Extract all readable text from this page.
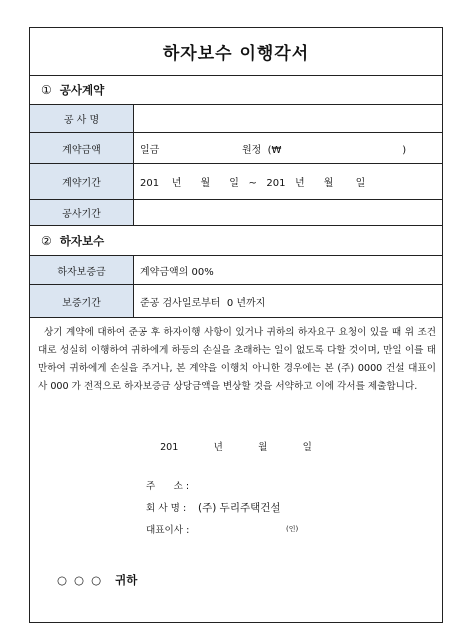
하자보수 이행각서
① 공사계약
공 사 명
계약금액	일금                          원정  (₩                                      )
계약기간	201    년      월      일   ~   201   년      월       일
공사기간
② 하자보수
하자보증금	계약금액의 00%
보증기간	준공 검사일로부터  0 년까지
상기 계약에 대하여 준공 후 하자이행 사항이 있거나 귀하의 하자요구 요청이 있을 때 위 조건대로 성실히 이행하여 귀하에게 하등의 손실을 초래하는 일이 없도록 다할 것이며, 만일 이를 태만하여 귀하에게 손실을 주거나, 본 계약을 이행치 아니한 경우에는 본 (주) 0000 건설 대표이사 000 가 전적으로 하자보증금 상당금액을 변상할 것을 서약하고 이에 각서를 제출합니다.
201     년     월     일
주      소 :
회 사 명 :	(주) 두리주택건설
대표이사 :	(인)
○ ○ ○  귀하
